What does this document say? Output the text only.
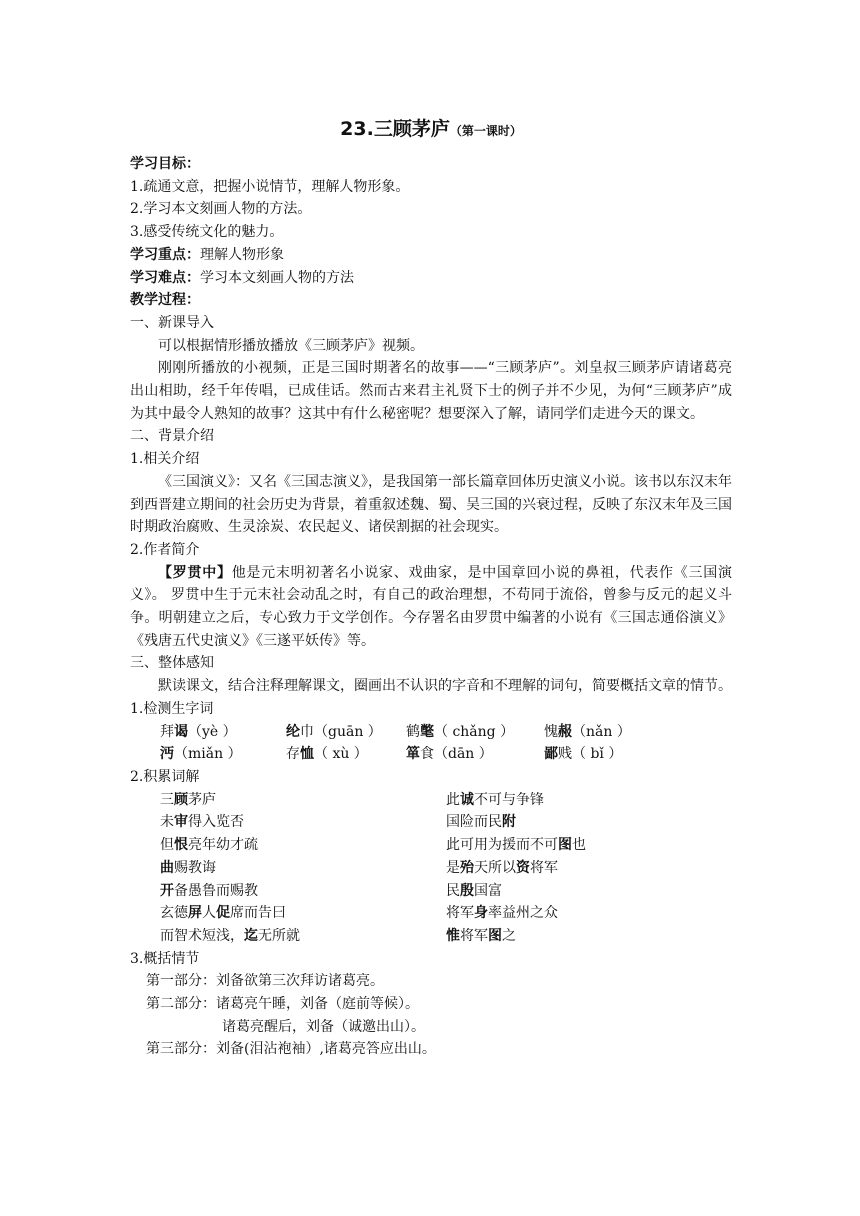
23.三顾茅庐（第一课时）
学习目标：
1.疏通文意，把握小说情节，理解人物形象。
2.学习本文刻画人物的方法。
3.感受传统文化的魅力。
学习重点：理解人物形象
学习难点：学习本文刻画人物的方法
教学过程：
一、新课导入
可以根据情形播放播放《三顾茅庐》视频。
刚刚所播放的小视频，正是三国时期著名的故事——“三顾茅庐”。刘皇叔三顾茅庐请诸葛亮出山相助，经千年传唱，已成佳话。然而古来君主礼贤下士的例子并不少见，为何“三顾茅庐”成为其中最令人熟知的故事？这其中有什么秘密呢？想要深入了解，请同学们走进今天的课文。
二、背景介绍
1.相关介绍
《三国演义》：又名《三国志演义》，是我国第一部长篇章回体历史演义小说。该书以东汉末年到西晋建立期间的社会历史为背景，着重叙述魏、蜀、吴三国的兴衰过程，反映了东汉末年及三国时期政治腐败、生灵涂炭、农民起义、诸侯割据的社会现实。
2.作者简介
【罗贯中】他是元末明初著名小说家、戏曲家，是中国章回小说的鼻祖，代表作《三国演义》。 罗贯中生于元末社会动乱之时，有自己的政治理想，不苟同于流俗，曾参与反元的起义斗争。明朝建立之后，专心致力于文学创作。今存署名由罗贯中编著的小说有《三国志通俗演义》《残唐五代史演义》《三遂平妖传》等。
三、整体感知
默读课文，结合注释理解课文，圈画出不认识的字音和不理解的词句，简要概括文章的情节。
1.检测生字词
拜谒（yè ）	纶巾（guān ） 鹤氅（ chǎng ） 愧赧（nǎn ）
沔（miǎn ）	存恤（ xù ）	箪食（dān ）	鄙贱（ bǐ ）
2.积累词解
三顾茅庐	此诚不可与争锋
未审得入览否	国险而民附
但恨亮年幼才疏	此可用为援而不可图也
曲赐教诲	是殆天所以资将军
开备愚鲁而赐教	民殷国富
玄德屏人促席而告曰	将军身率益州之众
而智术短浅，迄无所就	惟将军图之
3.概括情节
第一部分：刘备欲第三次拜访诸葛亮。
第二部分：诸葛亮午睡，刘备（庭前等候）。
诸葛亮醒后，刘备（诚邀出山）。
第三部分：刘备(泪沾袍袖）,诸葛亮答应出山。
